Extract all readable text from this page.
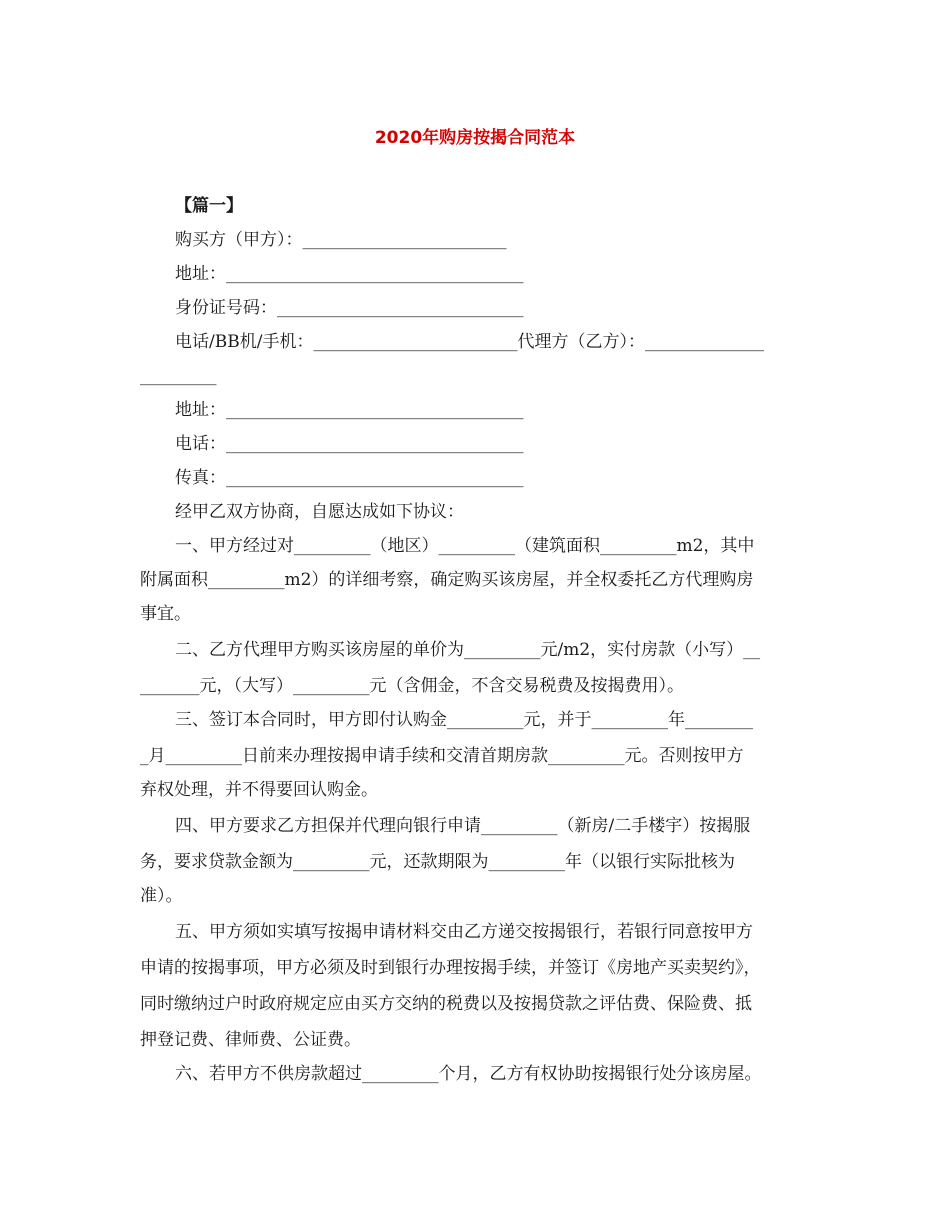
2020年购房按揭合同范本
【篇一】
购买方（甲方）：________________________
地址：___________________________________
身份证号码：_____________________________
电话/BB机/手机：________________________代理方（乙方）：______________
_________
地址：___________________________________
电话：___________________________________
传真：___________________________________
经甲乙双方协商，自愿达成如下协议：
一、甲方经过对_________（地区）_________（建筑面积_________m2，其中
附属面积_________m2）的详细考察，确定购买该房屋，并全权委托乙方代理购房
事宜。
二、乙方代理甲方购买该房屋的单价为_________元/m2，实付房款（小写）__
_______元，（大写）_________元（含佣金，不含交易税费及按揭费用）。
三、签订本合同时，甲方即付认购金_________元，并于_________年________
_月_________日前来办理按揭申请手续和交清首期房款_________元。否则按甲方
弃权处理，并不得要回认购金。
四、甲方要求乙方担保并代理向银行申请_________（新房/二手楼宇）按揭服
务，要求贷款金额为_________元，还款期限为_________年（以银行实际批核为
准）。
五、甲方须如实填写按揭申请材料交由乙方递交按揭银行，若银行同意按甲方
申请的按揭事项，甲方必须及时到银行办理按揭手续，并签订《房地产买卖契约》，
同时缴纳过户时政府规定应由买方交纳的税费以及按揭贷款之评估费、保险费、抵
押登记费、律师费、公证费。
六、若甲方不供房款超过_________个月，乙方有权协助按揭银行处分该房屋。
